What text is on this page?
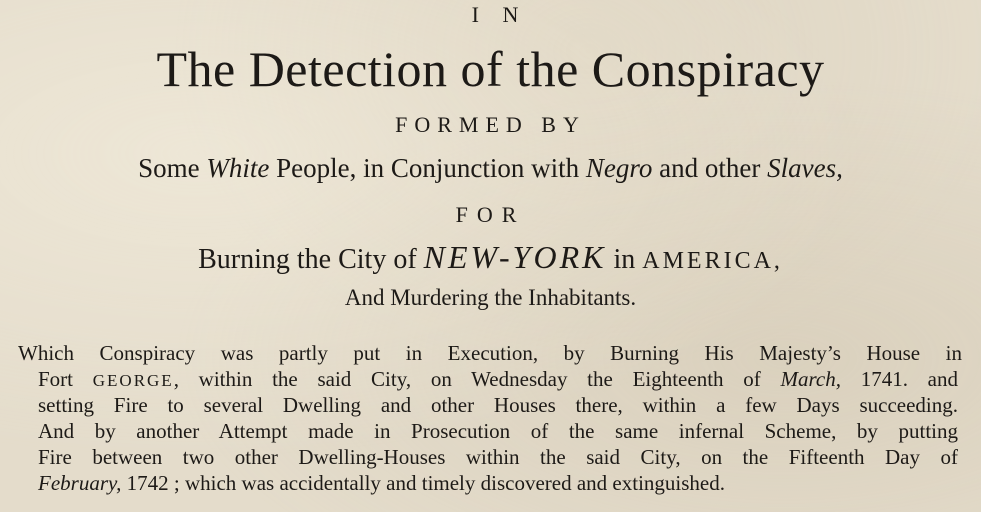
I N
The Detection of the Conspiracy
FORMED BY
Some White People, in Conjunction with Negro and other Slaves,
FOR
Burning the City of NEW-YORK in AMERICA,
And Murdering the Inhabitants.
Which Conspiracy was partly put in Execution, by Burning His Majesty’s House in
Fort GEORGE, within the said City, on Wednesday the Eighteenth of March, 1741. and
setting Fire to several Dwelling and other Houses there, within a few Days succeeding.
And by another Attempt made in Prosecution of the same infernal Scheme, by putting
Fire between two other Dwelling-Houses within the said City, on the Fifteenth Day of
February, 1742 ; which was accidentally and timely discovered and extinguished.
